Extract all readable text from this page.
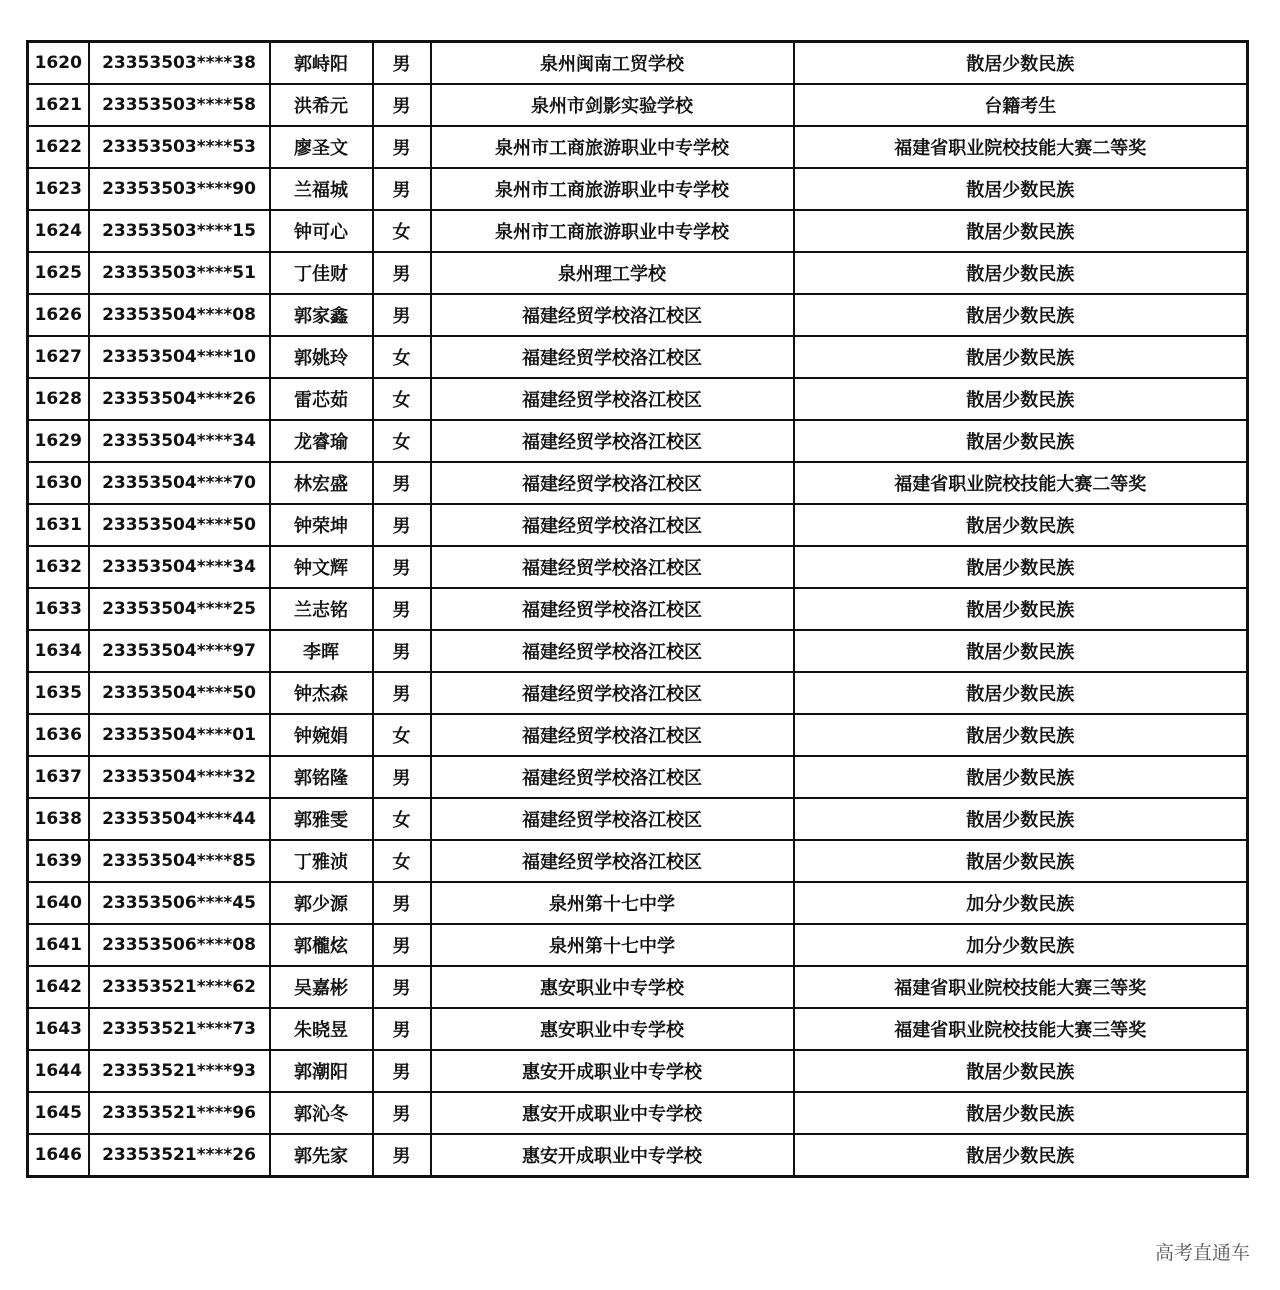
1620	23353503****38	郭峙阳	男	泉州闽南工贸学校	散居少数民族
1621	23353503****58	洪希元	男	泉州市剑影实验学校	台籍考生
1622	23353503****53	廖圣文	男	泉州市工商旅游职业中专学校	福建省职业院校技能大赛二等奖
1623	23353503****90	兰福城	男	泉州市工商旅游职业中专学校	散居少数民族
1624	23353503****15	钟可心	女	泉州市工商旅游职业中专学校	散居少数民族
1625	23353503****51	丁佳财	男	泉州理工学校	散居少数民族
1626	23353504****08	郭家鑫	男	福建经贸学校洛江校区	散居少数民族
1627	23353504****10	郭姚玲	女	福建经贸学校洛江校区	散居少数民族
1628	23353504****26	雷芯茹	女	福建经贸学校洛江校区	散居少数民族
1629	23353504****34	龙睿瑜	女	福建经贸学校洛江校区	散居少数民族
1630	23353504****70	林宏盛	男	福建经贸学校洛江校区	福建省职业院校技能大赛二等奖
1631	23353504****50	钟荣坤	男	福建经贸学校洛江校区	散居少数民族
1632	23353504****34	钟文辉	男	福建经贸学校洛江校区	散居少数民族
1633	23353504****25	兰志铭	男	福建经贸学校洛江校区	散居少数民族
1634	23353504****97	李晖	男	福建经贸学校洛江校区	散居少数民族
1635	23353504****50	钟杰森	男	福建经贸学校洛江校区	散居少数民族
1636	23353504****01	钟婉娟	女	福建经贸学校洛江校区	散居少数民族
1637	23353504****32	郭铭隆	男	福建经贸学校洛江校区	散居少数民族
1638	23353504****44	郭雅雯	女	福建经贸学校洛江校区	散居少数民族
1639	23353504****85	丁雅浈	女	福建经贸学校洛江校区	散居少数民族
1640	23353506****45	郭少源	男	泉州第十七中学	加分少数民族
1641	23353506****08	郭櫳炫	男	泉州第十七中学	加分少数民族
1642	23353521****62	吴嘉彬	男	惠安职业中专学校	福建省职业院校技能大赛三等奖
1643	23353521****73	朱晓昱	男	惠安职业中专学校	福建省职业院校技能大赛三等奖
1644	23353521****93	郭潮阳	男	惠安开成职业中专学校	散居少数民族
1645	23353521****96	郭沁冬	男	惠安开成职业中专学校	散居少数民族
1646	23353521****26	郭先家	男	惠安开成职业中专学校	散居少数民族
高考直通车
